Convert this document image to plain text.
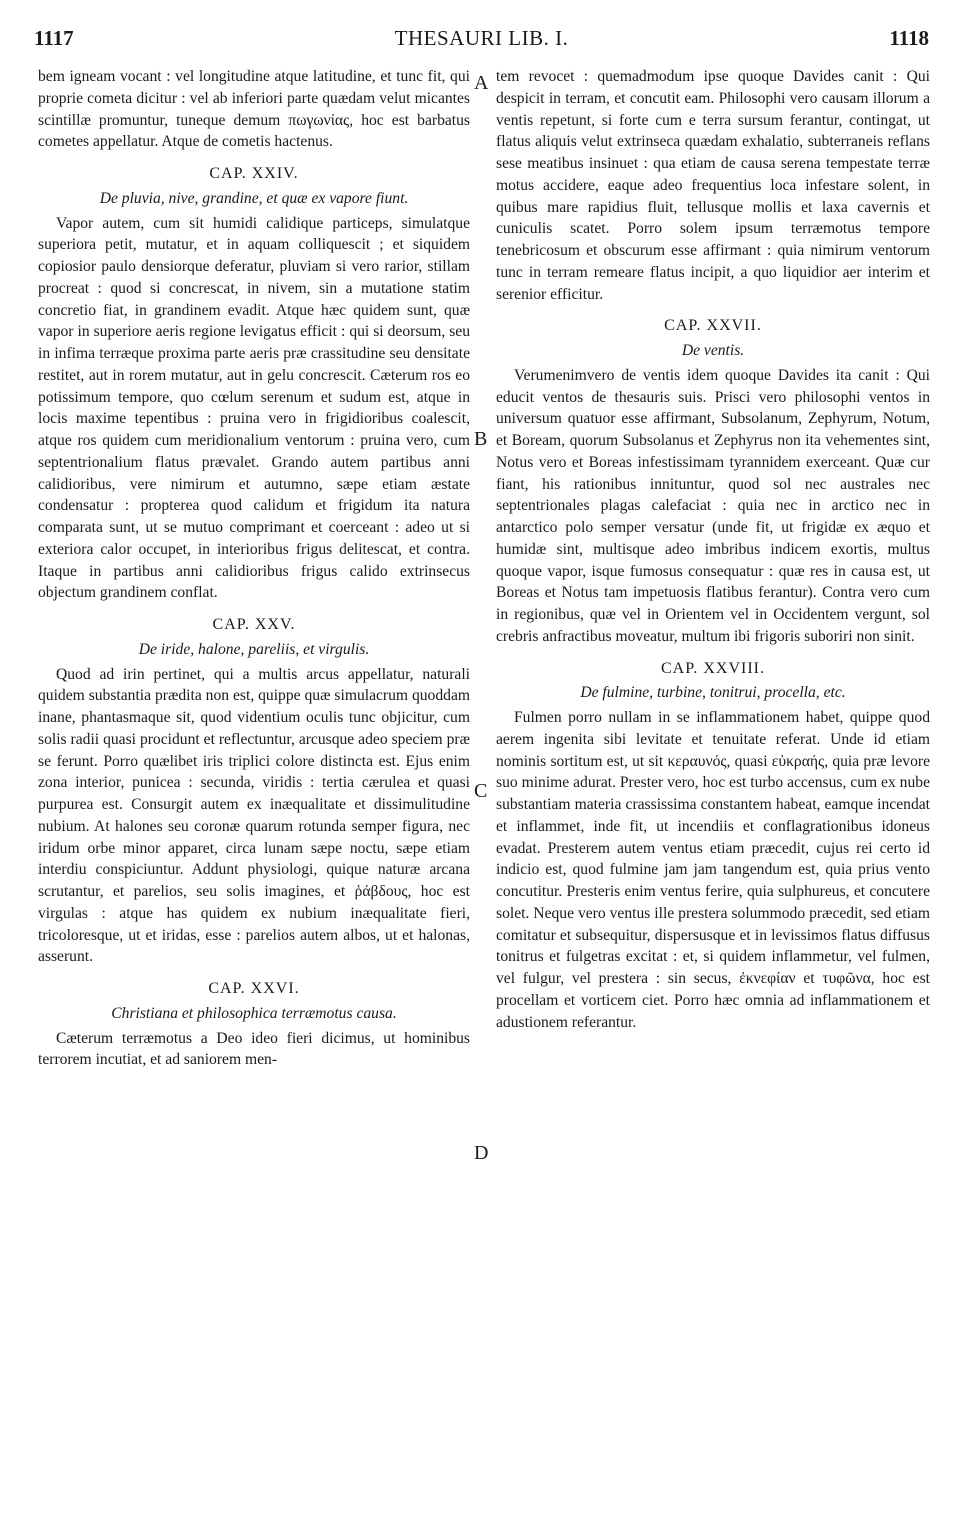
1117	THESAURI LIB. I.	1118
A
B
C
D

bem igneam vocant : vel longitudine atque latitudine, et tunc fit, qui proprie cometa dicitur : vel ab inferiori parte quædam velut micantes scintillæ promuntur, tuneque demum πωγωνίας, hoc est barbatus cometes appellatur. Atque de cometis hactenus.

CAP. XXIV.
De pluvia, nive, grandine, et quæ ex vapore fiunt.

Vapor autem, cum sit humidi calidique particeps, simulatque superiora petit, mutatur, et in aquam colliquescit ; et siquidem copiosior paulo densiorque deferatur, pluviam si vero rarior, stillam procreat : quod si concrescat, in nivem, sin a mutatione statim concretio fiat, in grandinem evadit. Atque hæc quidem sunt, quæ vapor in superiore aeris regione levigatus efficit : qui si deorsum, seu in infima terræque proxima parte aeris præ crassitudine seu densitate restitet, aut in rorem mutatur, aut in gelu concrescit. Cæterum ros eo potissimum tempore, quo cœlum serenum et sudum est, atque in locis maxime tepentibus : pruina vero in frigidioribus coalescit, atque ros quidem cum meridionalium ventorum : pruina vero, cum septentrionalium flatus prævalet. Grando autem partibus anni calidioribus, vere nimirum et autumno, sæpe etiam æstate condensatur : propterea quod calidum et frigidum ita natura comparata sunt, ut se mutuo comprimant et coerceant : adeo ut si exteriora calor occupet, in interioribus frigus delitescat, et contra. Itaque in partibus anni calidioribus frigus calido extrinsecus objectum grandinem conflat.

CAP. XXV.
De iride, halone, pareliis, et virgulis.

Quod ad irin pertinet, qui a multis arcus appellatur, naturali quidem substantia prædita non est, quippe quæ simulacrum quoddam inane, phantasmaque sit, quod videntium oculis tunc objicitur, cum solis radii quasi procidunt et reflectuntur, arcusque adeo speciem præ se ferunt. Porro quælibet iris triplici colore distincta est. Ejus enim zona interior, punicea : secunda, viridis : tertia cærulea et quasi purpurea est. Consurgit autem ex inæqualitate et dissimulitudine nubium. At halones seu coronæ quarum rotunda semper figura, nec iridum orbe minor apparet, circa lunam sæpe noctu, sæpe etiam interdiu conspiciuntur. Addunt physiologi, quique naturæ arcana scrutantur, et parelios, seu solis imagines, et ῥάβδους, hoc est virgulas : atque has quidem ex nubium inæqualitate fieri, tricoloresque, ut et iridas, esse : parelios autem albos, ut et halonas, asserunt.

CAP. XXVI.
Christiana et philosophica terræmotus causa.

Cæterum terræmotus a Deo ideo fieri dicimus, ut hominibus terrorem incutiat, et ad saniorem men-

tem revocet : quemadmodum ipse quoque Davides canit : Qui despicit in terram, et concutit eam. Philosophi vero causam illorum a ventis repetunt, si forte cum e terra sursum ferantur, contingat, ut flatus aliquis velut extrinseca quædam exhalatio, subterraneis reflans sese meatibus insinuet : qua etiam de causa serena tempestate terræ motus accidere, eaque adeo frequentius loca infestare solent, in quibus mare rapidius fluit, tellusque mollis et laxa cavernis et cuniculis scatet. Porro solem ipsum terræmotus tempore tenebricosum et obscurum esse affirmant : quia nimirum ventorum tunc in terram remeare flatus incipit, a quo liquidior aer interim et serenior efficitur.

CAP. XXVII.
De ventis.

Verumenimvero de ventis idem quoque Davides ita canit : Qui educit ventos de thesauris suis. Prisci vero philosophi ventos in universum quatuor esse affirmant, Subsolanum, Zephyrum, Notum, et Boream, quorum Subsolanus et Zephyrus non ita vehementes sint, Notus vero et Boreas infestissimam tyrannidem exerceant. Quæ cur fiant, his rationibus innituntur, quod sol nec australes nec septentrionales plagas calefaciat : quia nec in arctico nec in antarctico polo semper versatur (unde fit, ut frigidæ ex æquo et humidæ sint, multisque adeo imbribus indicem exortis, multus quoque vapor, isque fumosus consequatur : quæ res in causa est, ut Boreas et Notus tam impetuosis flatibus ferantur). Contra vero cum in regionibus, quæ vel in Orientem vel in Occidentem vergunt, sol crebris anfractibus moveatur, multum ibi frigoris suboriri non sinit.

CAP. XXVIII.
De fulmine, turbine, tonitrui, procella, etc.

Fulmen porro nullam in se inflammationem habet, quippe quod aerem ingenita sibi levitate et tenuitate referat. Unde id etiam nominis sortitum est, ut sit κεραυνός, quasi εὐκραής, quia præ levore suo minime adurat. Prester vero, hoc est turbo accensus, cum ex nube substantiam materia crassissima constantem habeat, eamque incendat et inflammet, inde fit, ut incendiis et conflagrationibus idoneus evadat. Presterem autem ventus etiam præcedit, cujus rei certo id indicio est, quod fulmine jam jam tangendum est, quia prius vento concutitur. Presteris enim ventus ferire, quia sulphureus, et concutere solet. Neque vero ventus ille prestera solummodo præcedit, sed etiam comitatur et subsequitur, dispersusque et in levissimos flatus diffusus tonitrus et fulgetras excitat : et, si quidem inflammetur, vel fulmen, vel fulgur, vel prestera : sin secus, ἐκνεφίαν et τυφῶνα, hoc est procellam et vorticem ciet. Porro hæc omnia ad inflammationem et adustionem referantur.
